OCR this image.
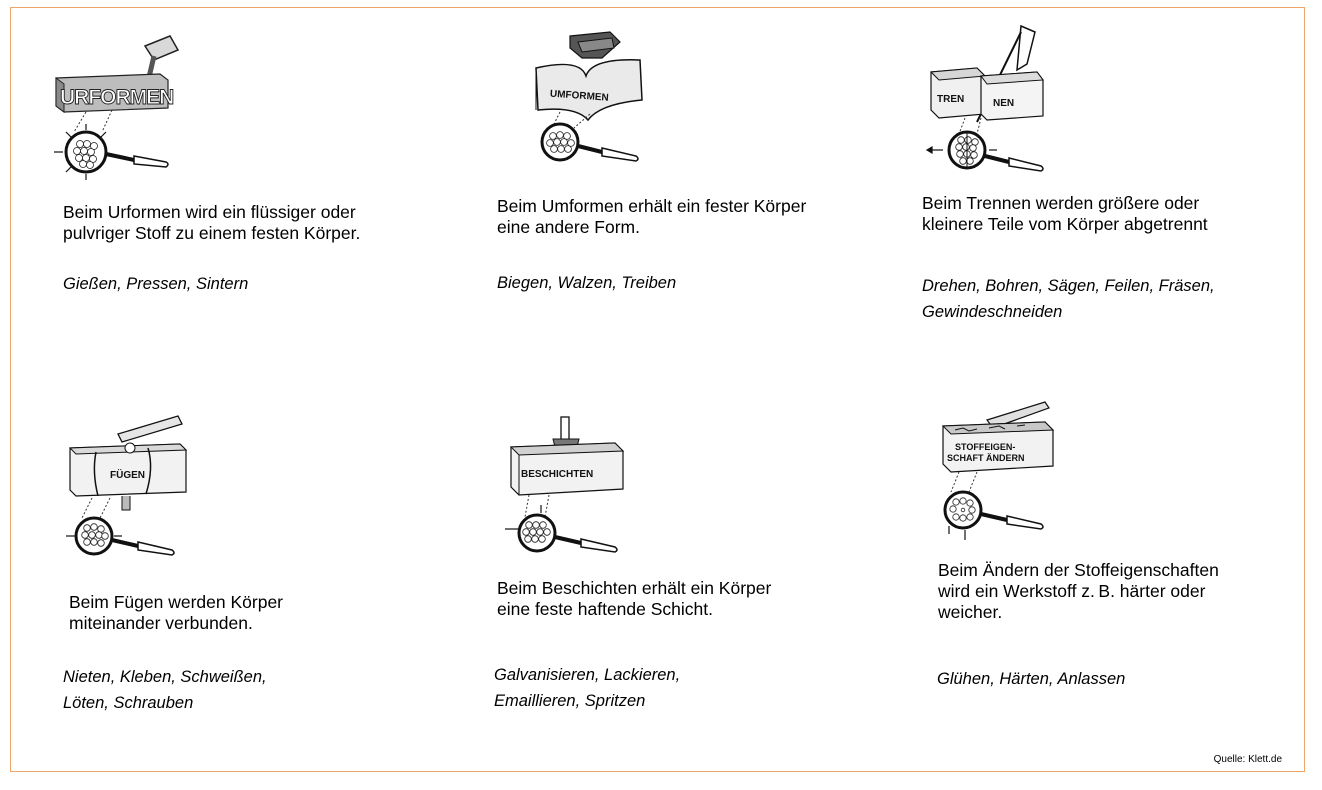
URFORMEN
Beim Urformen wird ein flüssiger oder
pulvriger Stoff zu einem festen Körper.
Gießen, Pressen, Sintern
UMFORMEN
Beim Umformen erhält ein fester Körper
eine andere Form.
Biegen, Walzen, Treiben
TREN	NEN
Beim Trennen werden größere oder
kleinere Teile vom Körper abgetrennt
Drehen, Bohren, Sägen, Feilen, Fräsen,
Gewindeschneiden
FÜGEN
Beim Fügen werden Körper
miteinander verbunden.
Nieten, Kleben, Schweißen,
Löten, Schrauben
BESCHICHTEN
Beim Beschichten erhält ein Körper
eine feste haftende Schicht.
Galvanisieren, Lackieren,
Emaillieren, Spritzen
STOFFEIGEN-
SCHAFT ÄNDERN
Beim Ändern der Stoffeigenschaften
wird ein Werkstoff z. B. härter oder
weicher.
Glühen, Härten, Anlassen
Quelle: Klett.de
